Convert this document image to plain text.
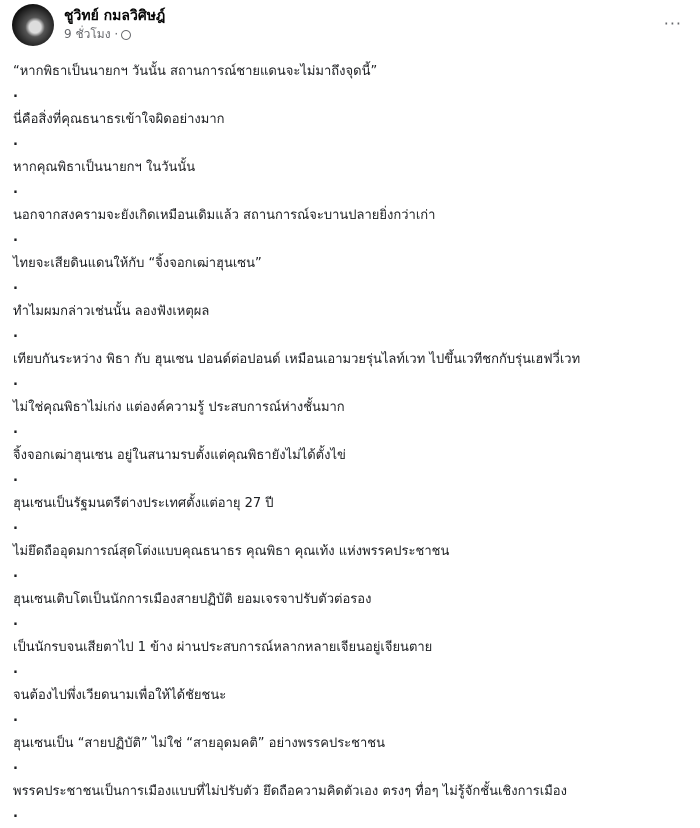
ชูวิทย์ กมลวิศิษฎ์
9 ชั่วโมง ·
···
“หากพิธาเป็นนายกฯ วันนั้น สถานการณ์ชายแดนจะไม่มาถึงจุดนี้”
.
นี่คือสิ่งที่คุณธนาธรเข้าใจผิดอย่างมาก
.
หากคุณพิธาเป็นนายกฯ ในวันนั้น
.
นอกจากสงครามจะยังเกิดเหมือนเดิมแล้ว สถานการณ์จะบานปลายยิ่งกว่าเก่า
.
ไทยจะเสียดินแดนให้กับ “จิ้งจอกเฒ่าฮุนเซน”
.
ทำไมผมกล่าวเช่นนั้น ลองฟังเหตุผล
.
เทียบกันระหว่าง พิธา กับ ฮุนเซน ปอนด์ต่อปอนด์ เหมือนเอามวยรุ่นไลท์เวท ไปขึ้นเวทีชกกับรุ่นเฮฟวี่เวท
.
ไม่ใช่คุณพิธาไม่เก่ง แต่องค์ความรู้ ประสบการณ์ห่างชั้นมาก
.
จิ้งจอกเฒ่าฮุนเซน อยู่ในสนามรบตั้งแต่คุณพิธายังไม่ได้ตั้งไข่
.
ฮุนเซนเป็นรัฐมนตรีต่างประเทศตั้งแต่อายุ 27 ปี
.
ไม่ยึดถืออุดมการณ์สุดโต่งแบบคุณธนาธร คุณพิธา คุณเท้ง แห่งพรรคประชาชน
.
ฮุนเซนเติบโตเป็นนักการเมืองสายปฏิบัติ ยอมเจรจาปรับตัวต่อรอง
.
เป็นนักรบจนเสียตาไป 1 ข้าง ผ่านประสบการณ์หลากหลายเจียนอยู่เจียนตาย
.
จนต้องไปพึ่งเวียดนามเพื่อให้ได้ชัยชนะ
.
ฮุนเซนเป็น “สายปฏิบัติ” ไม่ใช่ “สายอุดมคติ” อย่างพรรคประชาชน
.
พรรคประชาชนเป็นการเมืองแบบที่ไม่ปรับตัว ยึดถือความคิดตัวเอง ตรงๆ ทื่อๆ ไม่รู้จักชั้นเชิงการเมือง
.
